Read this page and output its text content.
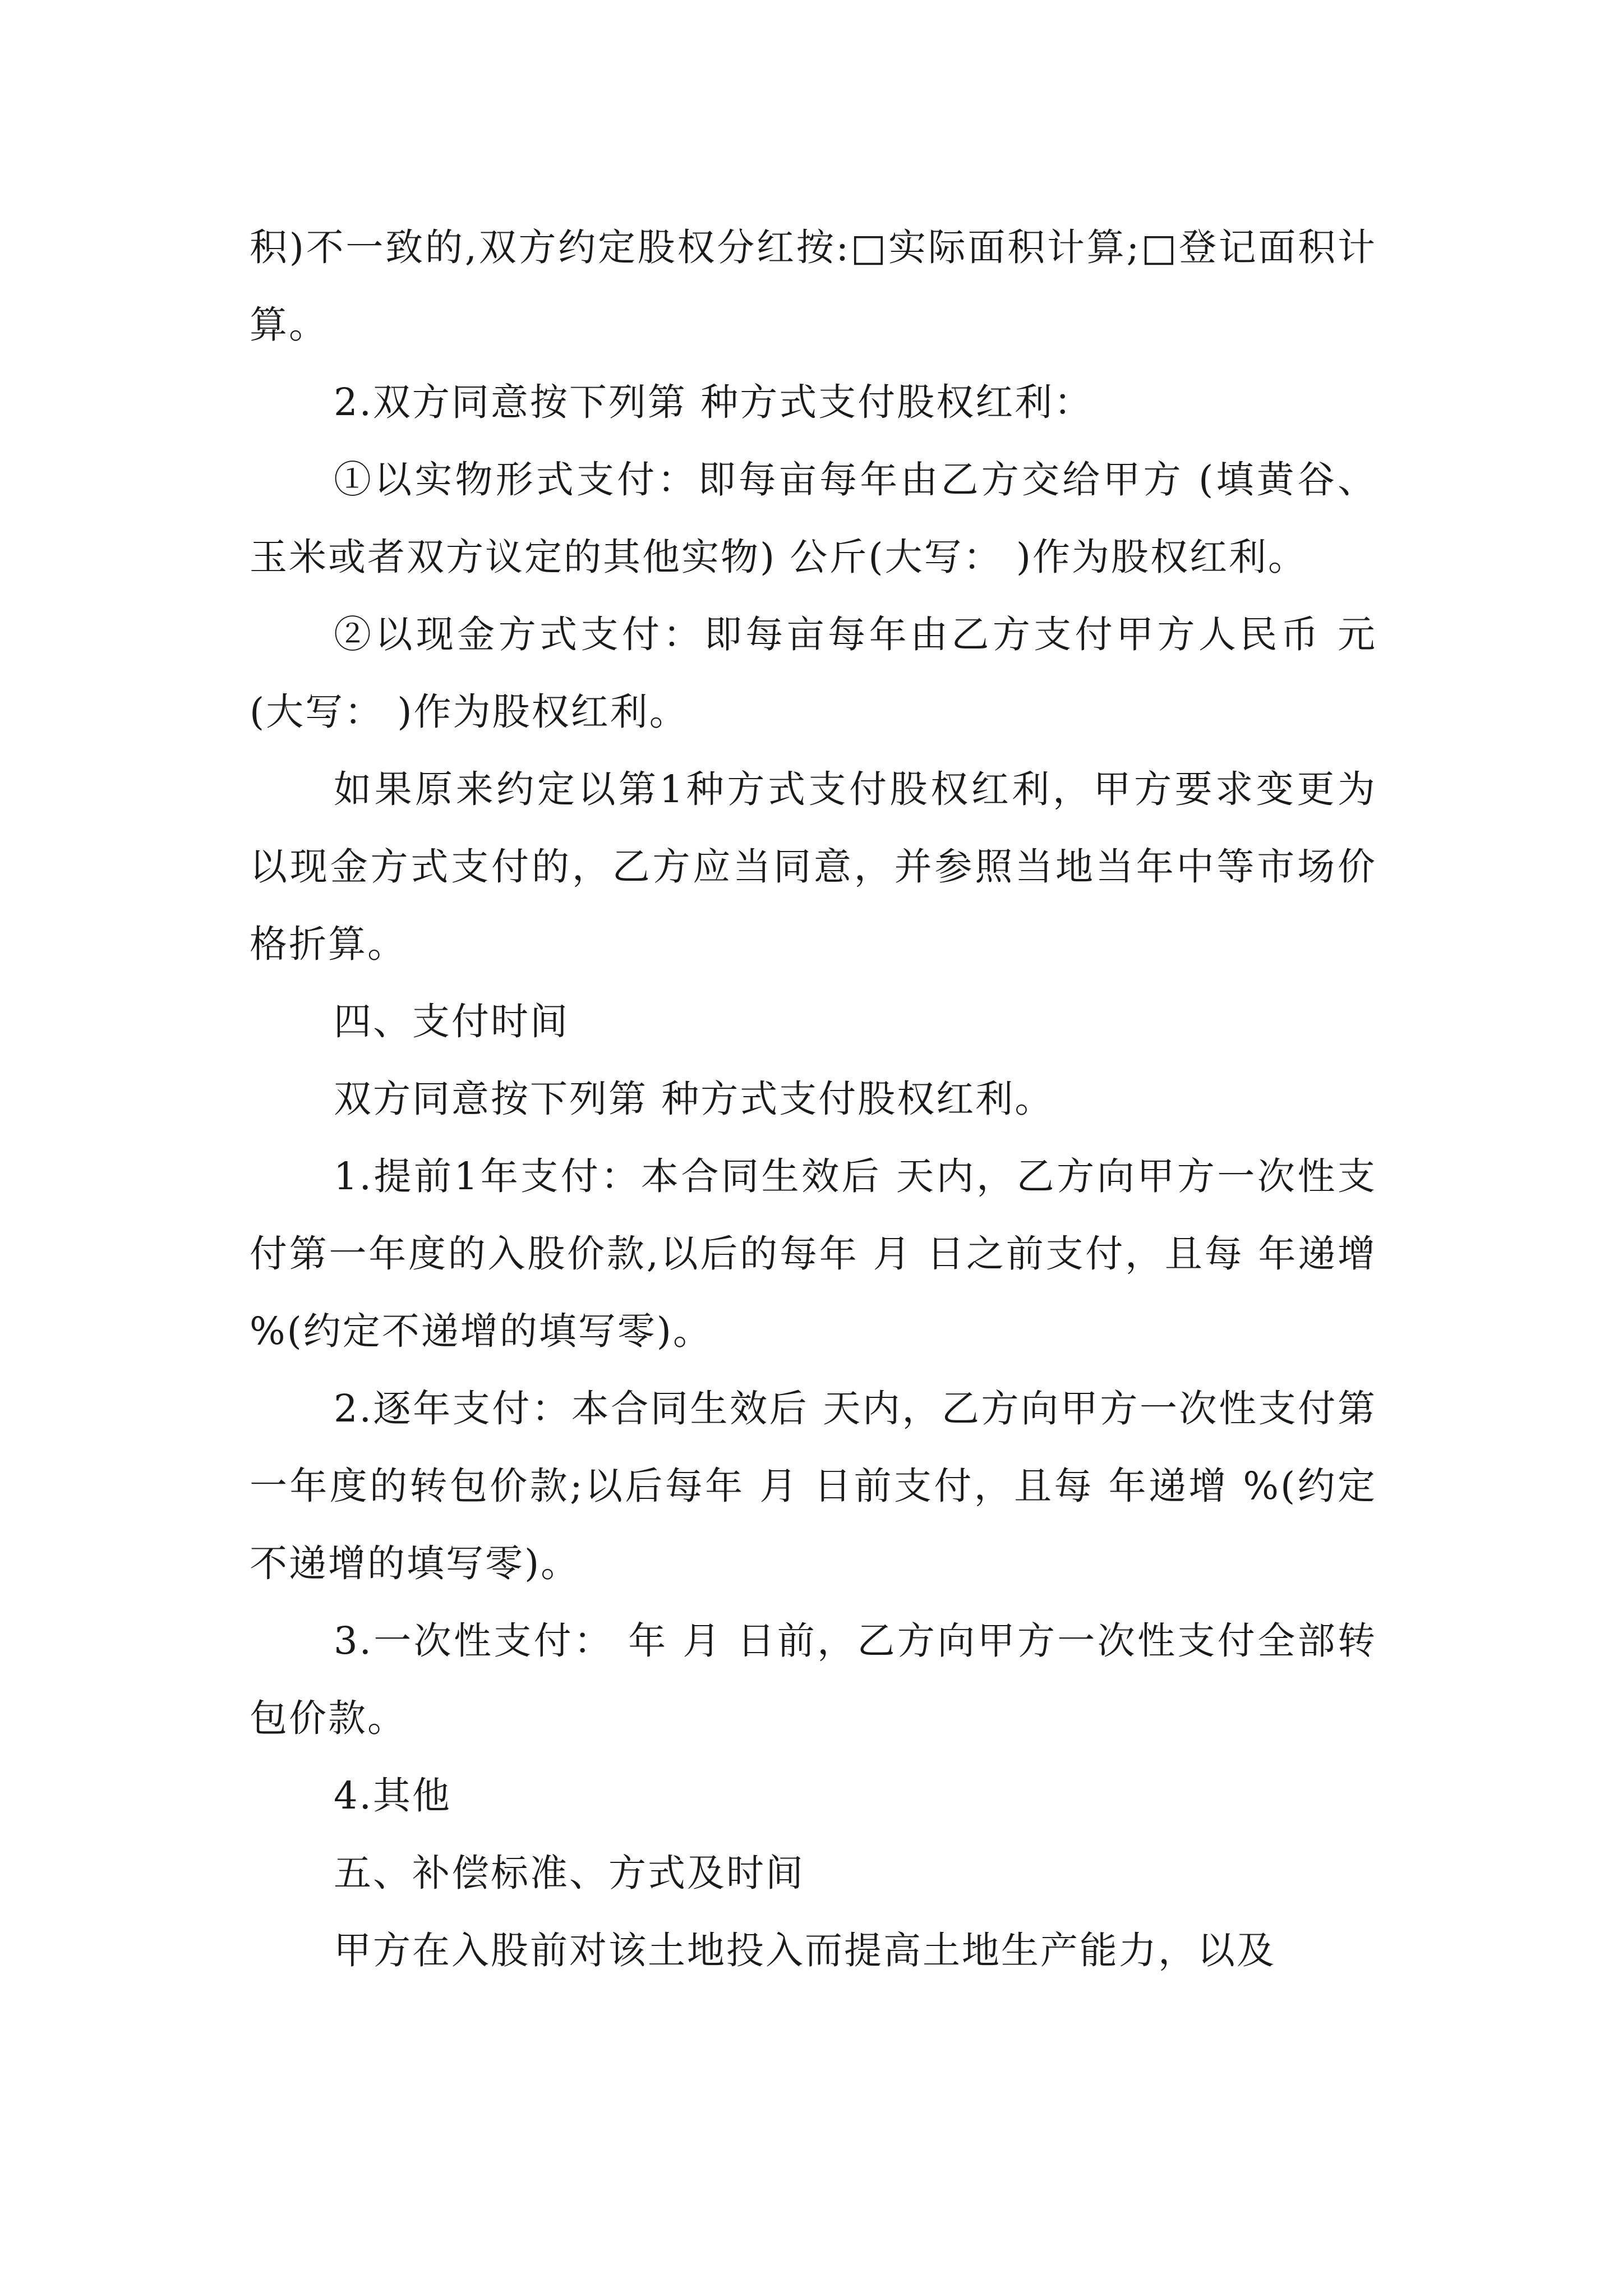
积)不一致的,双方约定股权分红按:□实际面积计算;□登记面积计算。

2.双方同意按下列第 种方式支付股权红利：

①以实物形式支付：即每亩每年由乙方交给甲方 (填黄谷、玉米或者双方议定的其他实物) 公斤(大写： )作为股权红利。

②以现金方式支付：即每亩每年由乙方支付甲方人民币 元(大写： )作为股权红利。

如果原来约定以第1种方式支付股权红利，甲方要求变更为以现金方式支付的，乙方应当同意，并参照当地当年中等市场价格折算。

四、支付时间

双方同意按下列第 种方式支付股权红利。

1.提前1年支付：本合同生效后 天内，乙方向甲方一次性支付第一年度的入股价款,以后的每年 月 日之前支付，且每 年递增 %(约定不递增的填写零)。

2.逐年支付：本合同生效后 天内，乙方向甲方一次性支付第一年度的转包价款;以后每年 月 日前支付，且每 年递增 %(约定不递增的填写零)。

3.一次性支付： 年 月 日前，乙方向甲方一次性支付全部转包价款。

4.其他

五、补偿标准、方式及时间

甲方在入股前对该土地投入而提高土地生产能力，以及
